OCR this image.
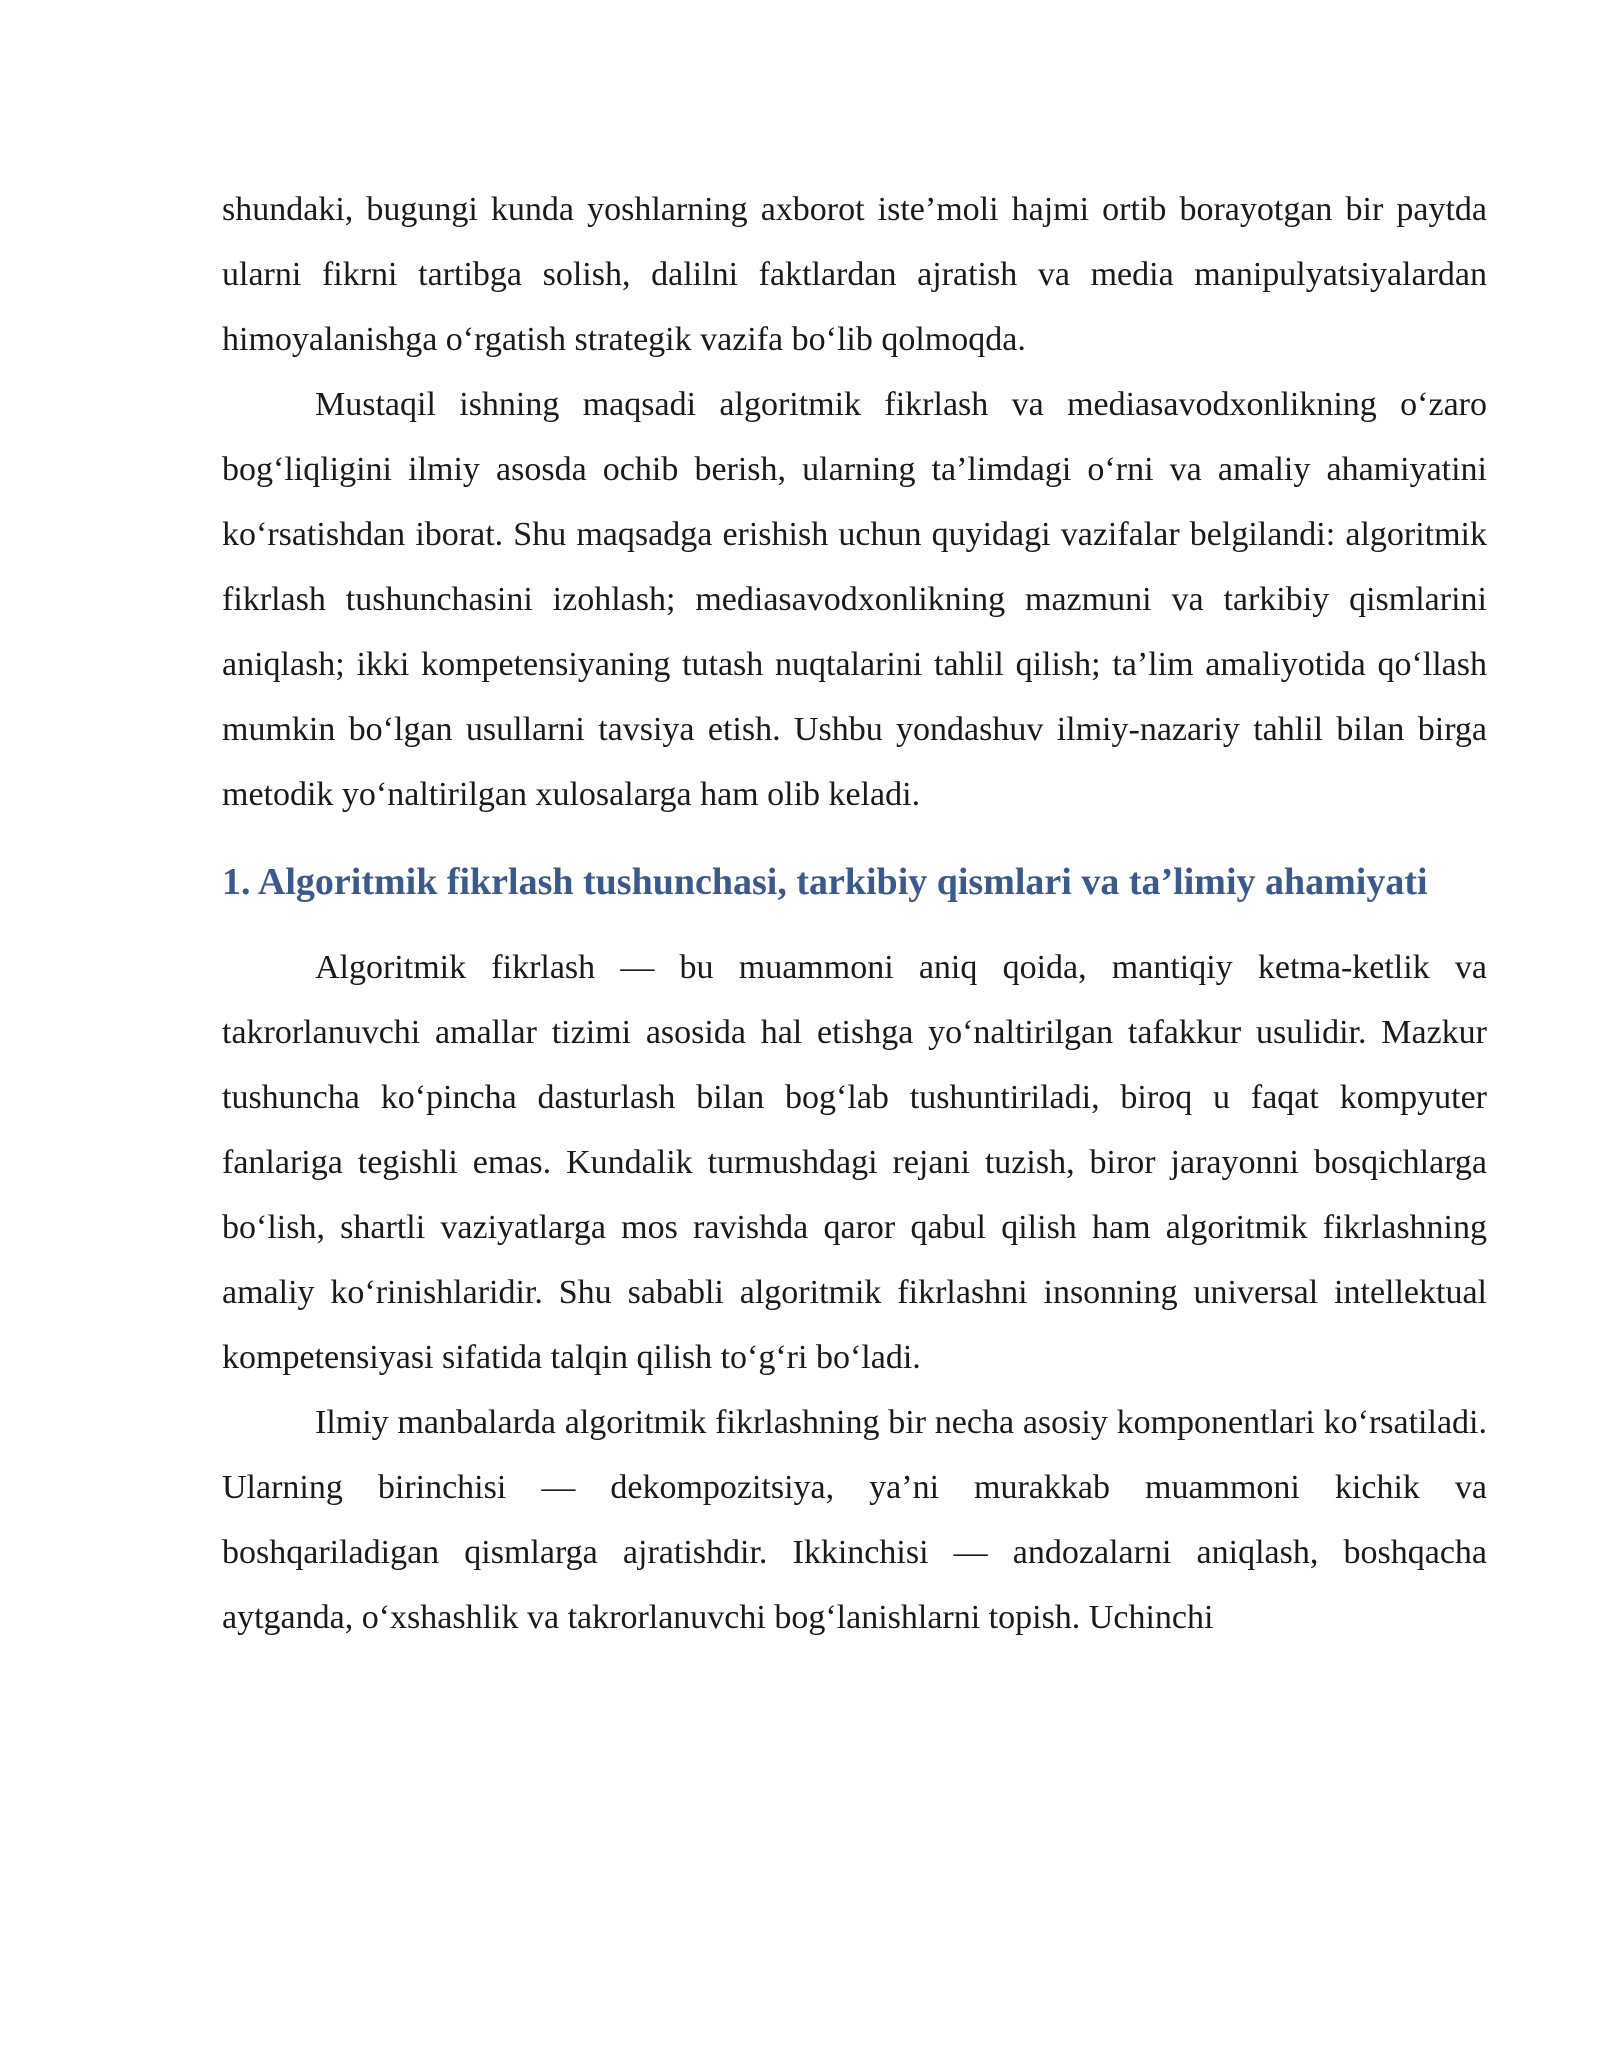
shundaki, bugungi kunda yoshlarning axborot iste’moli hajmi ortib borayotgan bir paytda ularni fikrni tartibga solish, dalilni faktlardan ajratish va media manipulyatsiyalardan himoyalanishga o‘rgatish strategik vazifa bo‘lib qolmoqda.

Mustaqil ishning maqsadi algoritmik fikrlash va mediasavodxonlikning o‘zaro bog‘liqligini ilmiy asosda ochib berish, ularning ta’limdagi o‘rni va amaliy ahamiyatini ko‘rsatishdan iborat. Shu maqsadga erishish uchun quyidagi vazifalar belgilandi: algoritmik fikrlash tushunchasini izohlash; mediasavodxonlikning mazmuni va tarkibiy qismlarini aniqlash; ikki kompetensiyaning tutash nuqtalarini tahlil qilish; ta’lim amaliyotida qo‘llash mumkin bo‘lgan usullarni tavsiya etish. Ushbu yondashuv ilmiy-nazariy tahlil bilan birga metodik yo‘naltirilgan xulosalarga ham olib keladi.

1. Algoritmik fikrlash tushunchasi, tarkibiy qismlari va ta’limiy ahamiyati

Algoritmik fikrlash — bu muammoni aniq qoida, mantiqiy ketma-ketlik va takrorlanuvchi amallar tizimi asosida hal etishga yo‘naltirilgan tafakkur usulidir. Mazkur tushuncha ko‘pincha dasturlash bilan bog‘lab tushuntiriladi, biroq u faqat kompyuter fanlariga tegishli emas. Kundalik turmushdagi rejani tuzish, biror jarayonni bosqichlarga bo‘lish, shartli vaziyatlarga mos ravishda qaror qabul qilish ham algoritmik fikrlashning amaliy ko‘rinishlaridir. Shu sababli algoritmik fikrlashni insonning universal intellektual kompetensiyasi sifatida talqin qilish to‘g‘ri bo‘ladi.

Ilmiy manbalarda algoritmik fikrlashning bir necha asosiy komponentlari ko‘rsatiladi. Ularning birinchisi — dekompozitsiya, ya’ni murakkab muammoni kichik va boshqariladigan qismlarga ajratishdir. Ikkinchisi — andozalarni aniqlash, boshqacha aytganda, o‘xshashlik va takrorlanuvchi bog‘lanishlarni topish. Uchinchi
